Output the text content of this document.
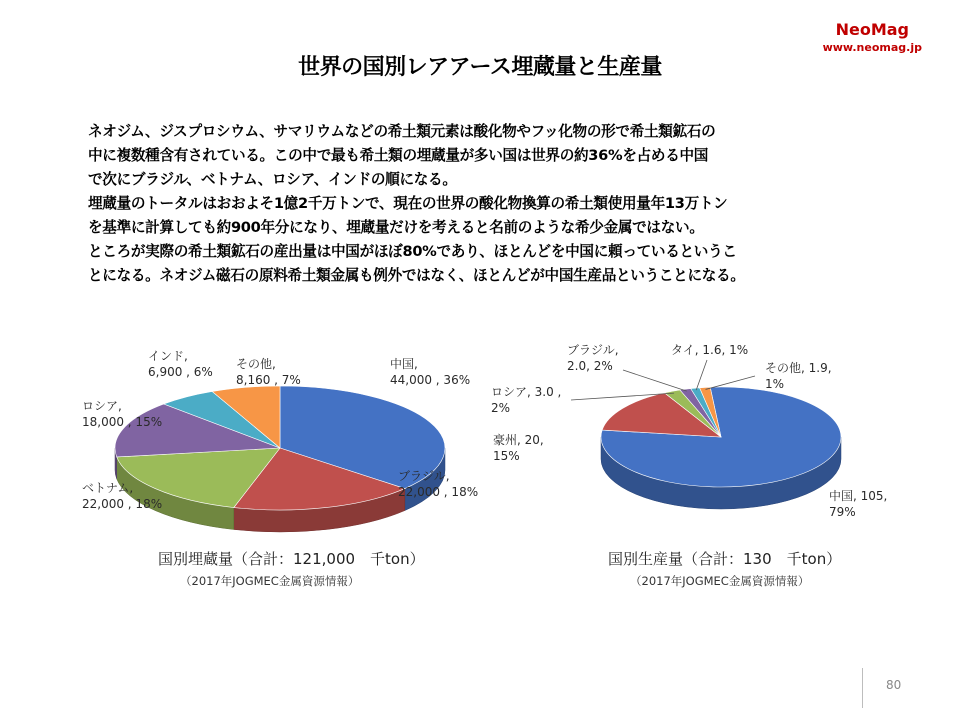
NeoMag
www.neomag.jp
世界の国別レアアース埋蔵量と生産量

ネオジム、ジスプロシウム、サマリウムなどの希土類元素は酸化物やフッ化物の形で希土類鉱石の

中に複数種含有されている。この中で最も希土類の埋蔵量が多い国は世界の約36%を占める中国

で次にブラジル、ベトナム、ロシア、インドの順になる。

埋蔵量のトータルはおおよそ1億2千万トンで、現在の世界の酸化物換算の希土類使用量年13万トン

を基準に計算しても約900年分になり、埋蔵量だけを考えると名前のような希少金属ではない。

ところが実際の希土類鉱石の産出量は中国がほぼ80%であり、ほとんどを中国に頼っているというこ

とになる。ネオジム磁石の原料希土類金属も例外ではなく、ほとんどが中国生産品ということになる。

中国, 44,000 , 36%
ブラジル, 22,000 , 18%
ベトナム, 22,000 , 18%
ロシア, 18,000 , 15%
インド, 6,900 , 6%
その他, 8,160 , 7%
中国, 105, 79%
豪州, 20, 15%
ロシア, 3.0 , 2%
ブラジル, 2.0, 2%
タイ, 1.6, 1%
その他, 1.9, 1%
国別埋蔵量（合計：121,000　千ton）
（2017年JOGMEC金属資源情報）
国別生産量（合計：130　千ton）
（2017年JOGMEC金属資源情報）
80
